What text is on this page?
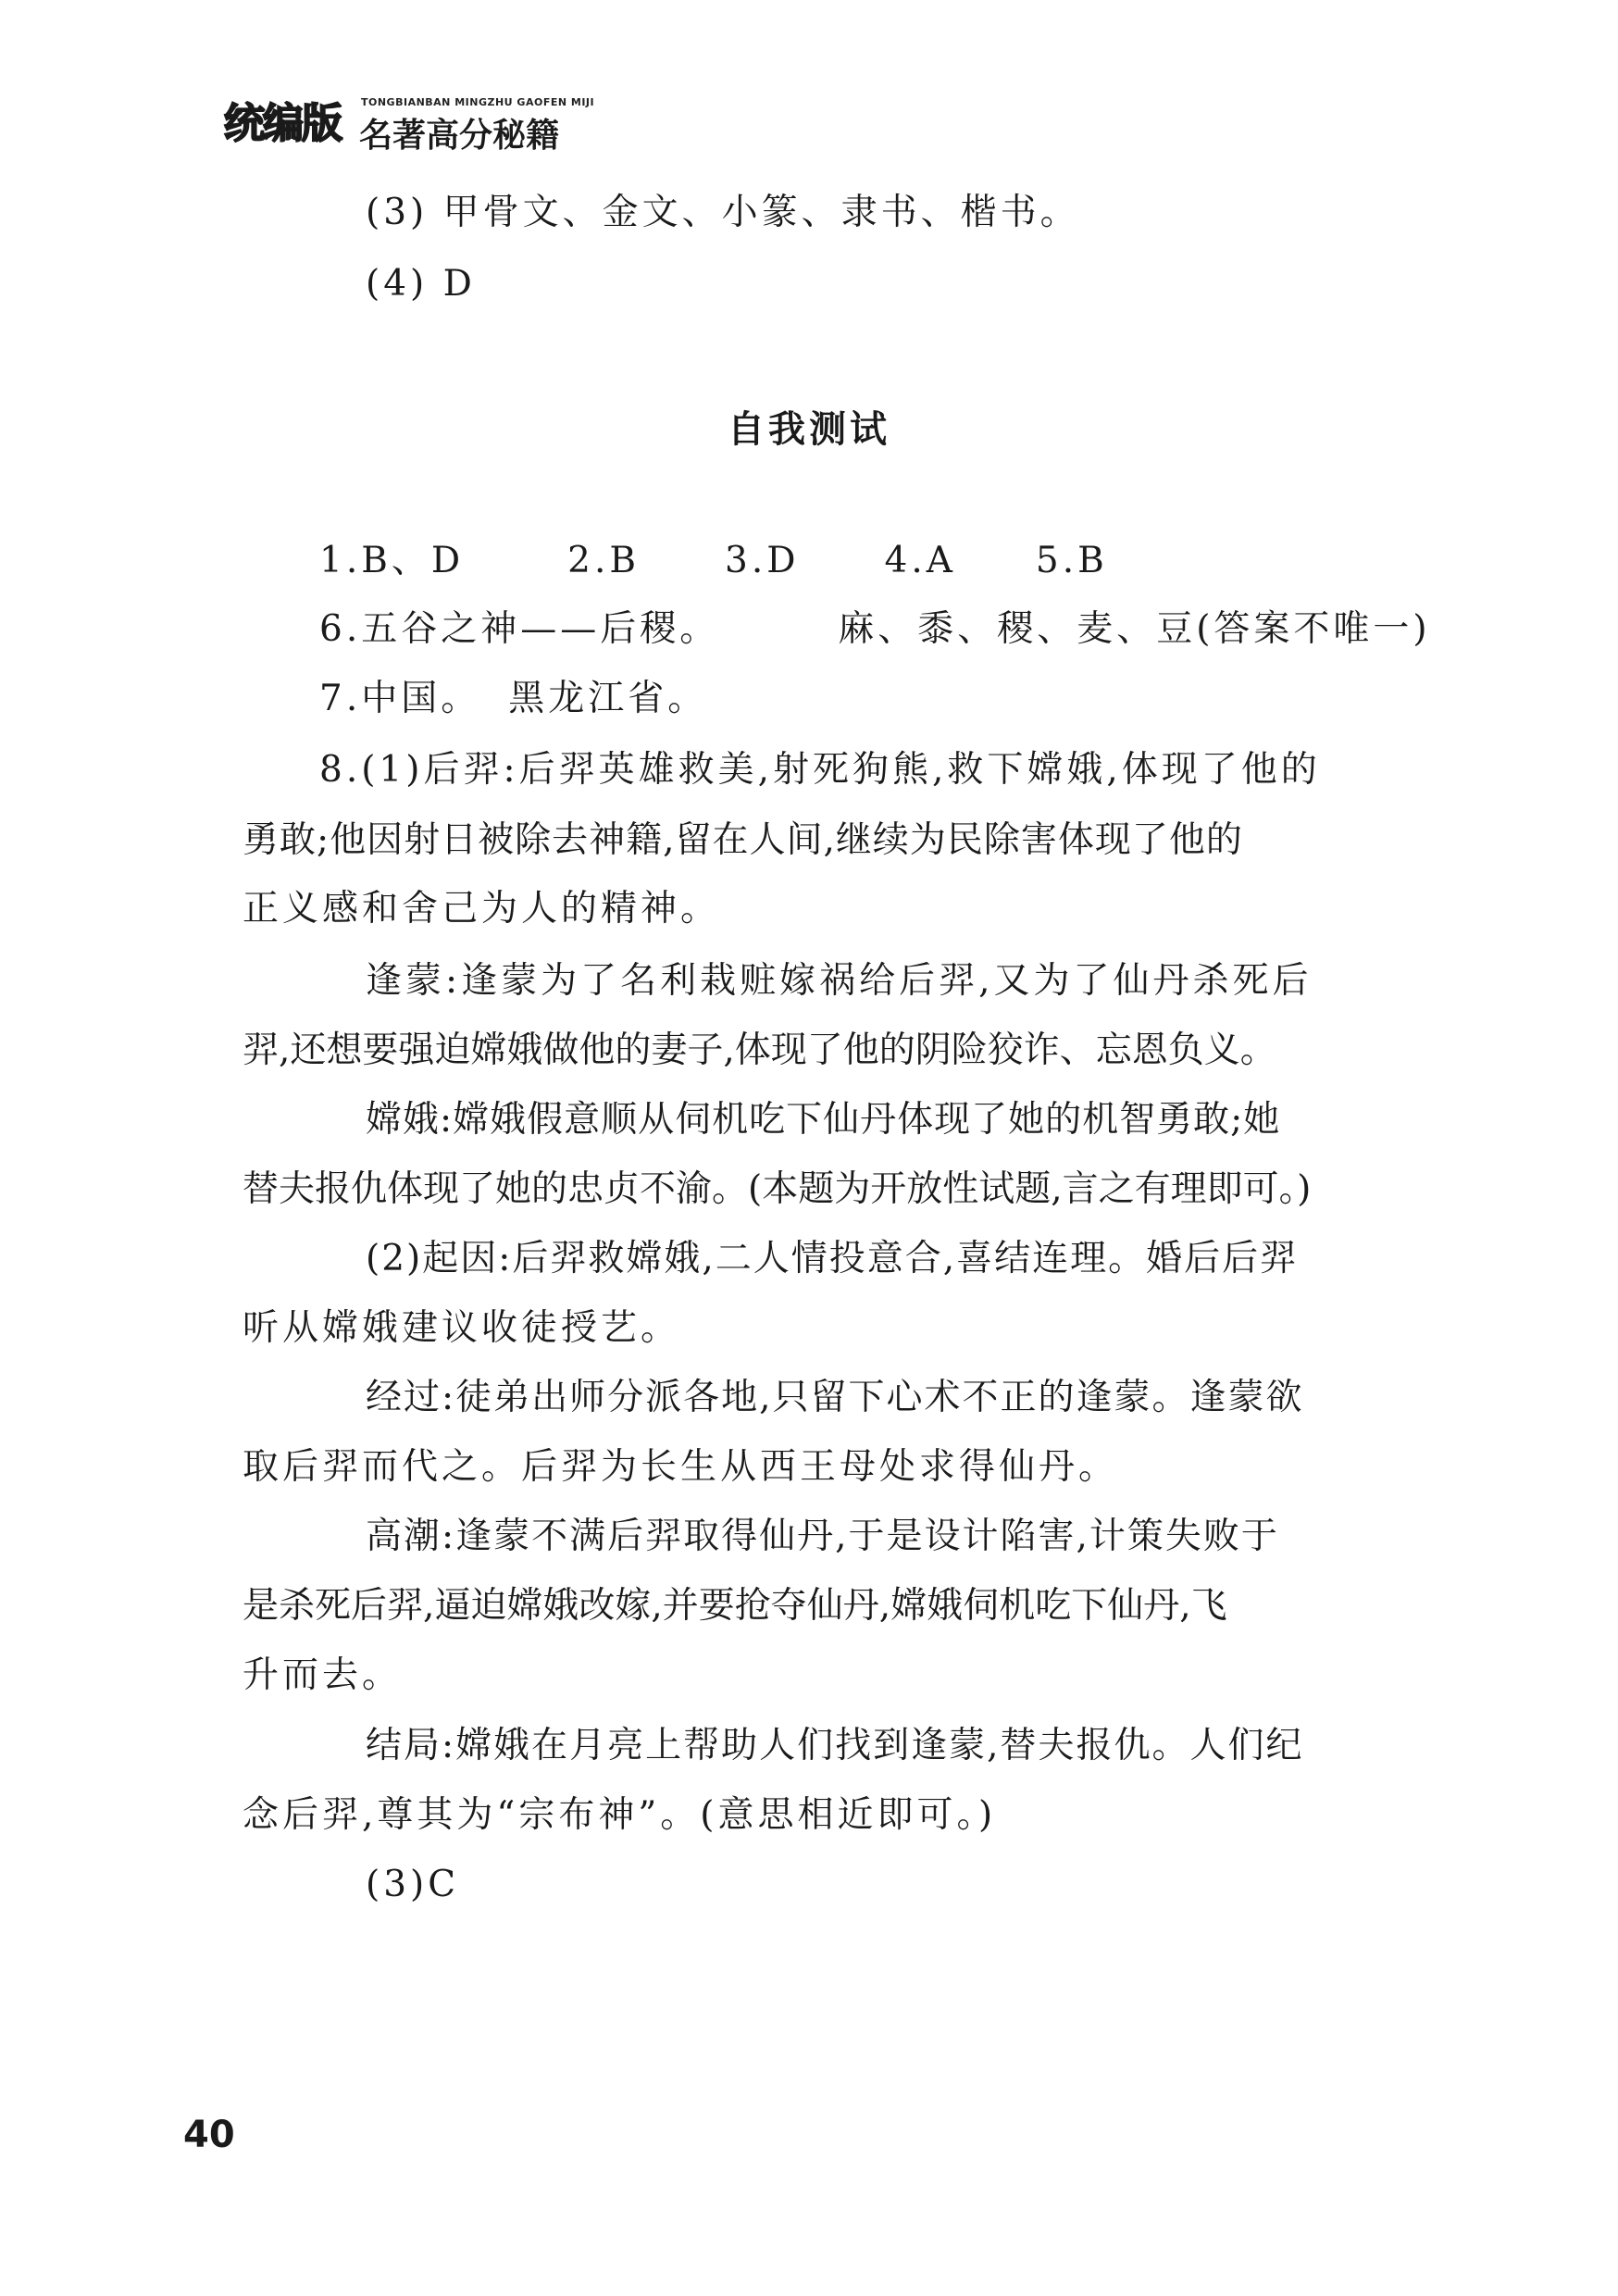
统编版	TONGBIANBAN MINGZHU GAOFEN MIJI
名著高分秘籍
(3) 甲骨文、金文、小篆、隶书、楷书。
(4) D
自我测试
1.B、D	2.B 3.D 4.A 5.B
6.五谷之神——后稷。	麻、黍、稷、麦、豆(答案不唯一)
7.中国。 黑龙江省。
8.(1)后羿:后羿英雄救美,射死狗熊,救下嫦娥,体现了他的
勇敢;他因射日被除去神籍,留在人间,继续为民除害体现了他的
正义感和舍己为人的精神。
逢蒙:逢蒙为了名利栽赃嫁祸给后羿,又为了仙丹杀死后
羿,还想要强迫嫦娥做他的妻子,体现了他的阴险狡诈、忘恩负义。
嫦娥:嫦娥假意顺从伺机吃下仙丹体现了她的机智勇敢;她
替夫报仇体现了她的忠贞不渝。(本题为开放性试题,言之有理即可。)
(2)起因:后羿救嫦娥,二人情投意合,喜结连理。婚后后羿
听从嫦娥建议收徒授艺。
经过:徒弟出师分派各地,只留下心术不正的逢蒙。逢蒙欲
取后羿而代之。后羿为长生从西王母处求得仙丹。
高潮:逢蒙不满后羿取得仙丹,于是设计陷害,计策失败于
是杀死后羿,逼迫嫦娥改嫁,并要抢夺仙丹,嫦娥伺机吃下仙丹,飞
升而去。
结局:嫦娥在月亮上帮助人们找到逢蒙,替夫报仇。人们纪
念后羿,尊其为“宗布神”。(意思相近即可。)
(3)C
40
